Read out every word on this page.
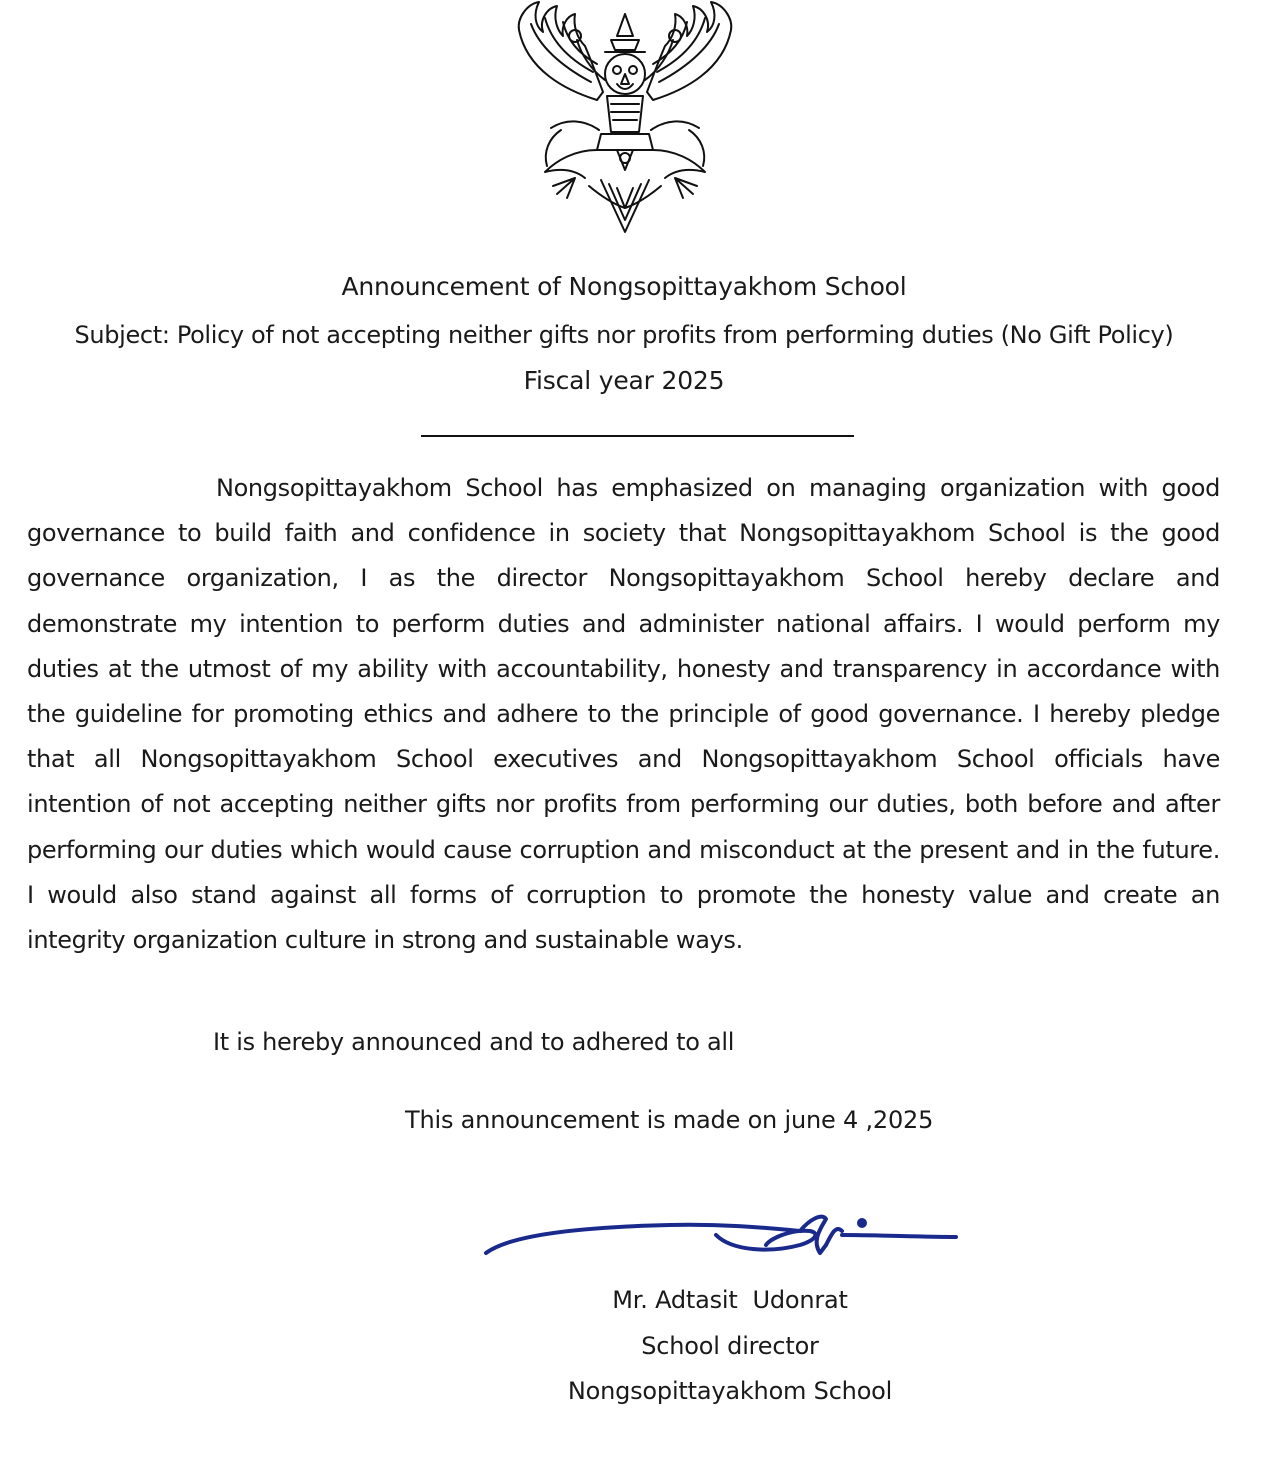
Announcement of Nongsopittayakhom School
Subject: Policy of not accepting neither gifts nor profits from performing duties (No Gift Policy)
Fiscal year 2025

Nongsopittayakhom School has emphasized on managing organization with good governance to build faith and confidence in society that Nongsopittayakhom School is the good governance organization, I as the director Nongsopittayakhom School hereby declare and demonstrate my intention to perform duties and administer national affairs. I would perform my duties at the utmost of my ability with accountability, honesty and transparency in accordance with the guideline for promoting ethics and adhere to the principle of good governance. I hereby pledge that all Nongsopittayakhom School executives and Nongsopittayakhom School officials have intention of not accepting neither gifts nor profits from performing our duties, both before and after performing our duties which would cause corruption and misconduct at the present and in the future. I would also stand against all forms of corruption to promote the honesty value and create an integrity organization culture in strong and sustainable ways.

It is hereby announced and to adhered to all
This announcement is made on june 4 ,2025
Mr. Adtasit  Udonrat
School director
Nongsopittayakhom School
